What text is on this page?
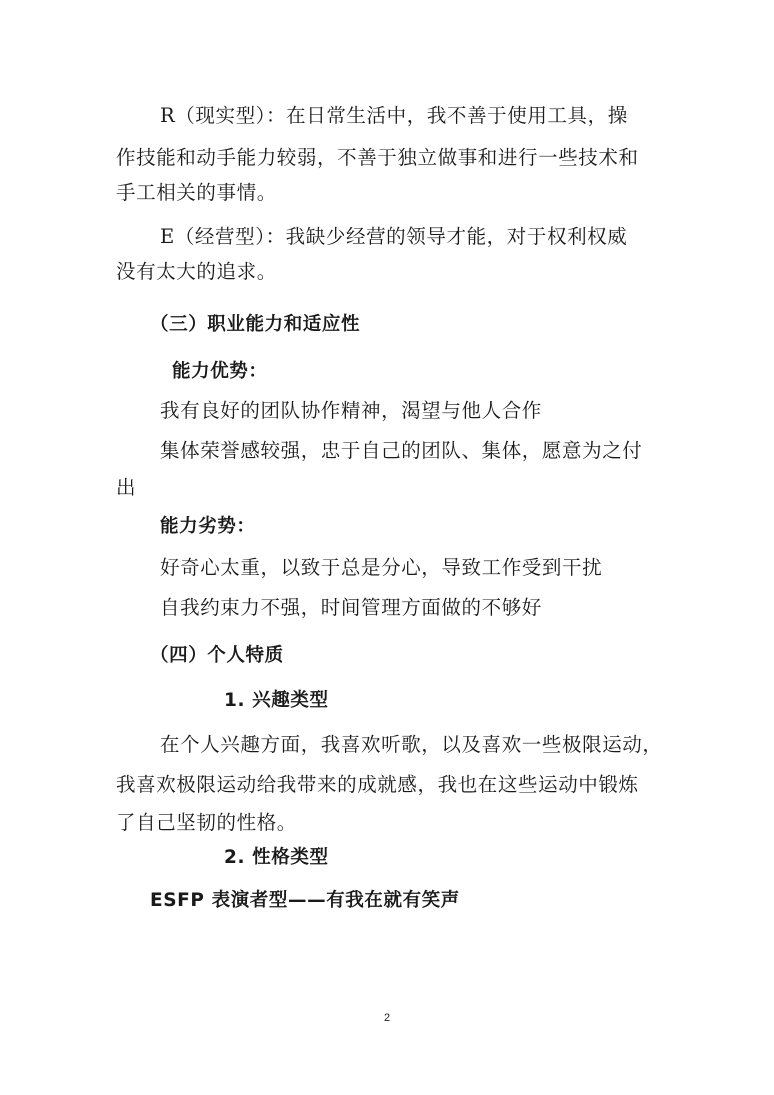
R（现实型）：在日常生活中，我不善于使用工具，操
作技能和动手能力较弱，不善于独立做事和进行一些技术和
手工相关的事情。
E（经营型）：我缺少经营的领导才能，对于权利权威
没有太大的追求。
（三）职业能力和适应性
能力优势：
我有良好的团队协作精神，渴望与他人合作
集体荣誉感较强，忠于自己的团队、集体，愿意为之付
出
能力劣势：
好奇心太重，以致于总是分心，导致工作受到干扰
自我约束力不强，时间管理方面做的不够好
（四）个人特质
1. 兴趣类型
在个人兴趣方面，我喜欢听歌，以及喜欢一些极限运动，
我喜欢极限运动给我带来的成就感，我也在这些运动中锻炼
了自己坚韧的性格。
2. 性格类型
ESFP 表演者型——有我在就有笑声
2
